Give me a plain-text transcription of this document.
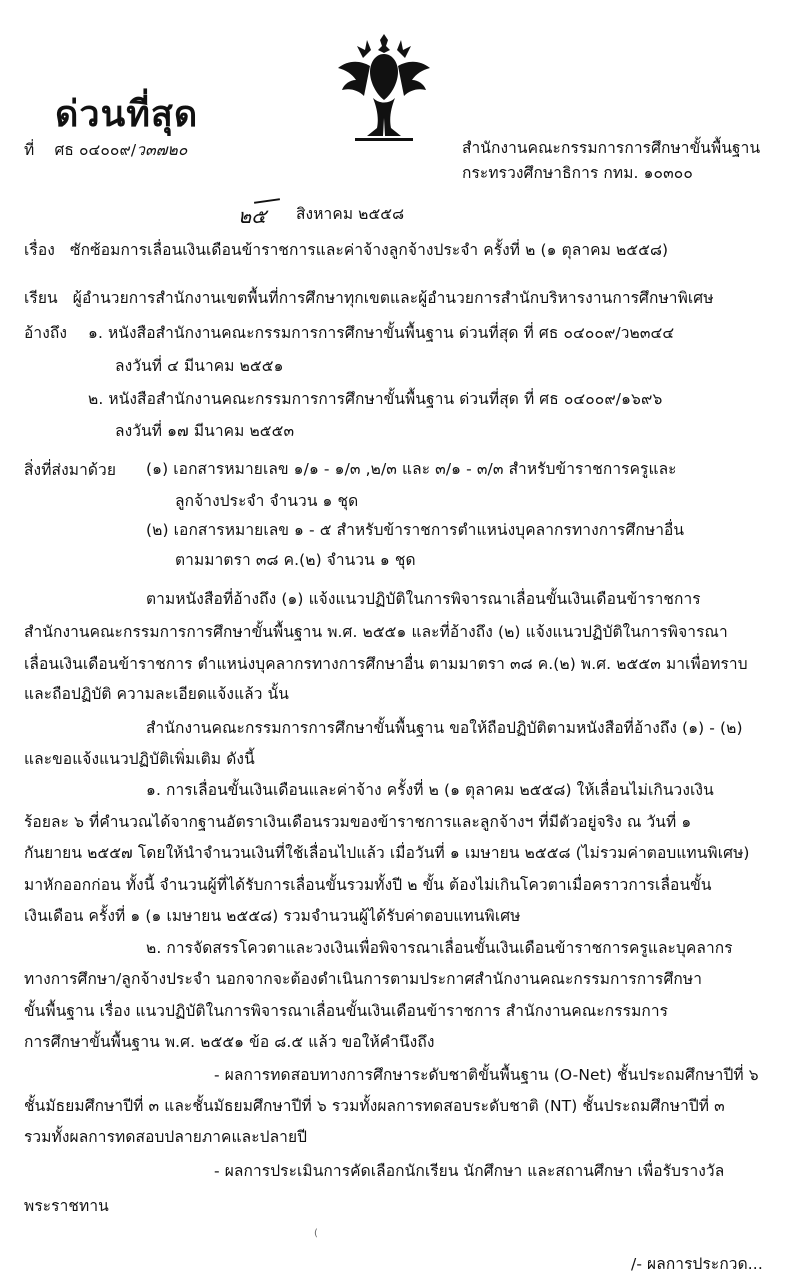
ด่วนที่สุด
ที่ ศธ ๐๔๐๐๙/ว๓๗๒๐	สำนักงานคณะกรรมการการศึกษาขั้นพื้นฐาน
กระทรวงศึกษาธิการ กทม. ๑๐๓๐๐
๒๕ สิงหาคม ๒๕๕๘
เรื่อง ซักซ้อมการเลื่อนเงินเดือนข้าราชการและค่าจ้างลูกจ้างประจำ ครั้งที่ ๒ (๑ ตุลาคม ๒๕๕๘)
เรียน ผู้อำนวยการสำนักงานเขตพื้นที่การศึกษาทุกเขตและผู้อำนวยการสำนักบริหารงานการศึกษาพิเศษ
อ้างถึง ๑. หนังสือสำนักงานคณะกรรมการการศึกษาขั้นพื้นฐาน ด่วนที่สุด ที่ ศธ ๐๔๐๐๙/ว๒๓๔๔
ลงวันที่ ๔ มีนาคม ๒๕๕๑
๒. หนังสือสำนักงานคณะกรรมการการศึกษาขั้นพื้นฐาน ด่วนที่สุด ที่ ศธ ๐๔๐๐๙/๑๖๙๖
ลงวันที่ ๑๗ มีนาคม ๒๕๕๓
สิ่งที่ส่งมาด้วย (๑) เอกสารหมายเลข ๑/๑ - ๑/๓ ,๒/๓ และ ๓/๑ - ๓/๓ สำหรับข้าราชการครูและ
ลูกจ้างประจำ จำนวน ๑ ชุด
(๒) เอกสารหมายเลข ๑ - ๕ สำหรับข้าราชการตำแหน่งบุคลากรทางการศึกษาอื่น
ตามมาตรา ๓๘ ค.(๒) จำนวน ๑ ชุด
ตามหนังสือที่อ้างถึง (๑) แจ้งแนวปฏิบัติในการพิจารณาเลื่อนขั้นเงินเดือนข้าราชการ
สำนักงานคณะกรรมการการศึกษาขั้นพื้นฐาน พ.ศ. ๒๕๕๑ และที่อ้างถึง (๒) แจ้งแนวปฏิบัติในการพิจารณา
เลื่อนเงินเดือนข้าราชการ ตำแหน่งบุคลากรทางการศึกษาอื่น ตามมาตรา ๓๘ ค.(๒) พ.ศ. ๒๕๕๓ มาเพื่อทราบ
และถือปฏิบัติ ความละเอียดแจ้งแล้ว นั้น
สำนักงานคณะกรรมการการศึกษาขั้นพื้นฐาน ขอให้ถือปฏิบัติตามหนังสือที่อ้างถึง (๑) - (๒)
และขอแจ้งแนวปฏิบัติเพิ่มเติม ดังนี้
๑. การเลื่อนขั้นเงินเดือนและค่าจ้าง ครั้งที่ ๒ (๑ ตุลาคม ๒๕๕๘) ให้เลื่อนไม่เกินวงเงิน
ร้อยละ ๖ ที่คำนวณได้จากฐานอัตราเงินเดือนรวมของข้าราชการและลูกจ้างฯ ที่มีตัวอยู่จริง ณ วันที่ ๑
กันยายน ๒๕๕๗ โดยให้นำจำนวนเงินที่ใช้เลื่อนไปแล้ว เมื่อวันที่ ๑ เมษายน ๒๕๕๘ (ไม่รวมค่าตอบแทนพิเศษ)
มาหักออกก่อน ทั้งนี้ จำนวนผู้ที่ได้รับการเลื่อนขั้นรวมทั้งปี ๒ ขั้น ต้องไม่เกินโควตาเมื่อคราวการเลื่อนขั้น
เงินเดือน ครั้งที่ ๑ (๑ เมษายน ๒๕๕๘) รวมจำนวนผู้ได้รับค่าตอบแทนพิเศษ
๒. การจัดสรรโควตาและวงเงินเพื่อพิจารณาเลื่อนขั้นเงินเดือนข้าราชการครูและบุคลากร
ทางการศึกษา/ลูกจ้างประจำ นอกจากจะต้องดำเนินการตามประกาศสำนักงานคณะกรรมการการศึกษา
ขั้นพื้นฐาน เรื่อง แนวปฏิบัติในการพิจารณาเลื่อนขั้นเงินเดือนข้าราชการ สำนักงานคณะกรรมการ
การศึกษาขั้นพื้นฐาน พ.ศ. ๒๕๕๑ ข้อ ๘.๕ แล้ว ขอให้คำนึงถึง
- ผลการทดสอบทางการศึกษาระดับชาติขั้นพื้นฐาน (O-Net) ชั้นประถมศึกษาปีที่ ๖
ชั้นมัธยมศึกษาปีที่ ๓ และชั้นมัธยมศึกษาปีที่ ๖ รวมทั้งผลการทดสอบระดับชาติ (NT) ชั้นประถมศึกษาปีที่ ๓
รวมทั้งผลการทดสอบปลายภาคและปลายปี
- ผลการประเมินการคัดเลือกนักเรียน นักศึกษา และสถานศึกษา เพื่อรับรางวัล
พระราชทาน
(
/- ผลการประกวด...
